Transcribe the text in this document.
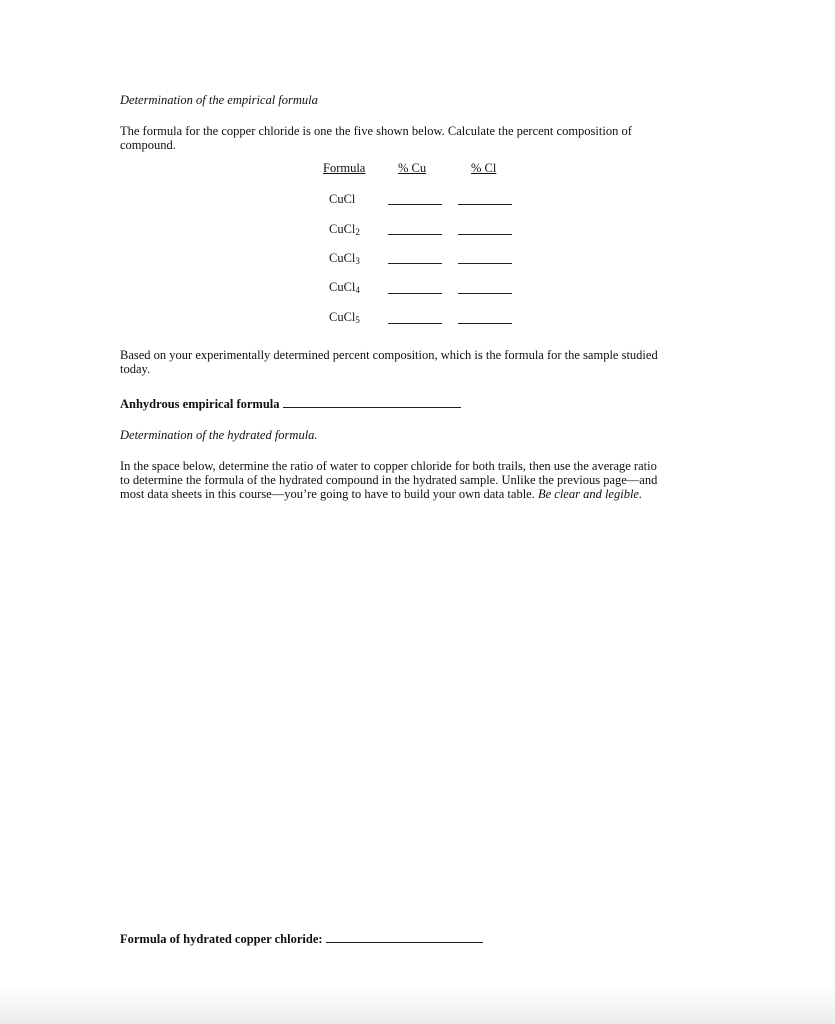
Determination of the empirical formula
The formula for the copper chloride is one the five shown below. Calculate the percent composition of
compound.
Formula	% Cu	% Cl
CuCl
CuCl$_2$
CuCl$_3$
CuCl$_4$
CuCl$_5$
Based on your experimentally determined percent composition, which is the formula for the sample studied
today.
Anhydrous empirical formula
Determination of the hydrated formula.
In the space below, determine the ratio of water to copper chloride for both trails, then use the average ratio
to determine the formula of the hydrated compound in the hydrated sample. Unlike the previous page—and
most data sheets in this course—you’re going to have to build your own data table. Be clear and legible.
Formula of hydrated copper chloride:
